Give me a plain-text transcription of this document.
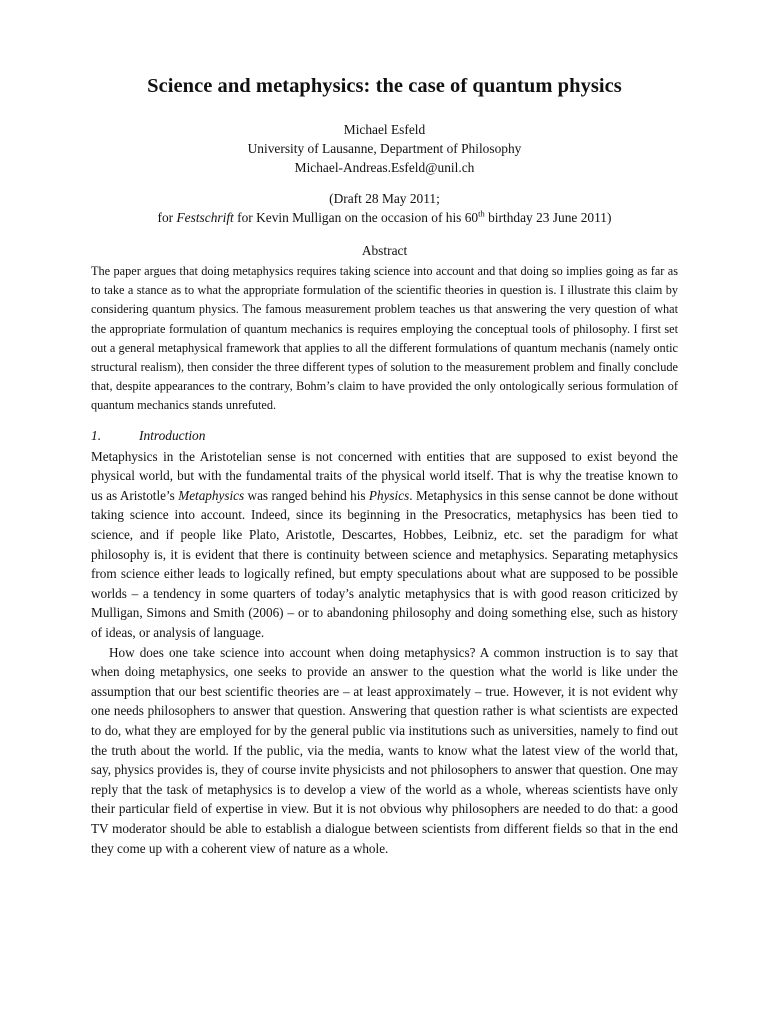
Science and metaphysics: the case of quantum physics
Michael Esfeld
University of Lausanne, Department of Philosophy
Michael-Andreas.Esfeld@unil.ch
(Draft 28 May 2011;
for Festschrift for Kevin Mulligan on the occasion of his 60th birthday 23 June 2011)
Abstract

The paper argues that doing metaphysics requires taking science into account and that doing so implies going as far as to take a stance as to what the appropriate formulation of the scientific theories in question is. I illustrate this claim by considering quantum physics. The famous measurement problem teaches us that answering the very question of what the appropriate formulation of quantum mechanics is requires employing the conceptual tools of philosophy. I first set out a general metaphysical framework that applies to all the different formulations of quantum mechanis (namely ontic structural realism), then consider the three different types of solution to the measurement problem and finally conclude that, despite appearances to the contrary, Bohm’s claim to have provided the only ontologically serious formulation of quantum mechanics stands unrefuted.

1.	Introduction

Metaphysics in the Aristotelian sense is not concerned with entities that are supposed to exist beyond the physical world, but with the fundamental traits of the physical world itself. That is why the treatise known to us as Aristotle’s Metaphysics was ranged behind his Physics. Metaphysics in this sense cannot be done without taking science into account. Indeed, since its beginning in the Presocratics, metaphysics has been tied to science, and if people like Plato, Aristotle, Descartes, Hobbes, Leibniz, etc. set the paradigm for what philosophy is, it is evident that there is continuity between science and metaphysics. Separating metaphysics from science either leads to logically refined, but empty speculations about what are supposed to be possible worlds – a tendency in some quarters of today’s analytic metaphysics that is with good reason criticized by Mulligan, Simons and Smith (2006) – or to abandoning philosophy and doing something else, such as history of ideas, or analysis of language.

How does one take science into account when doing metaphysics? A common instruction is to say that when doing metaphysics, one seeks to provide an answer to the question what the world is like under the assumption that our best scientific theories are – at least approximately – true. However, it is not evident why one needs philosophers to answer that question. Answering that question rather is what scientists are expected to do, what they are employed for by the general public via institutions such as universities, namely to find out the truth about the world. If the public, via the media, wants to know what the latest view of the world that, say, physics provides is, they of course invite physicists and not philosophers to answer that question. One may reply that the task of metaphysics is to develop a view of the world as a whole, whereas scientists have only their particular field of expertise in view. But it is not obvious why philosophers are needed to do that: a good TV moderator should be able to establish a dialogue between scientists from different fields so that in the end they come up with a coherent view of nature as a whole.
